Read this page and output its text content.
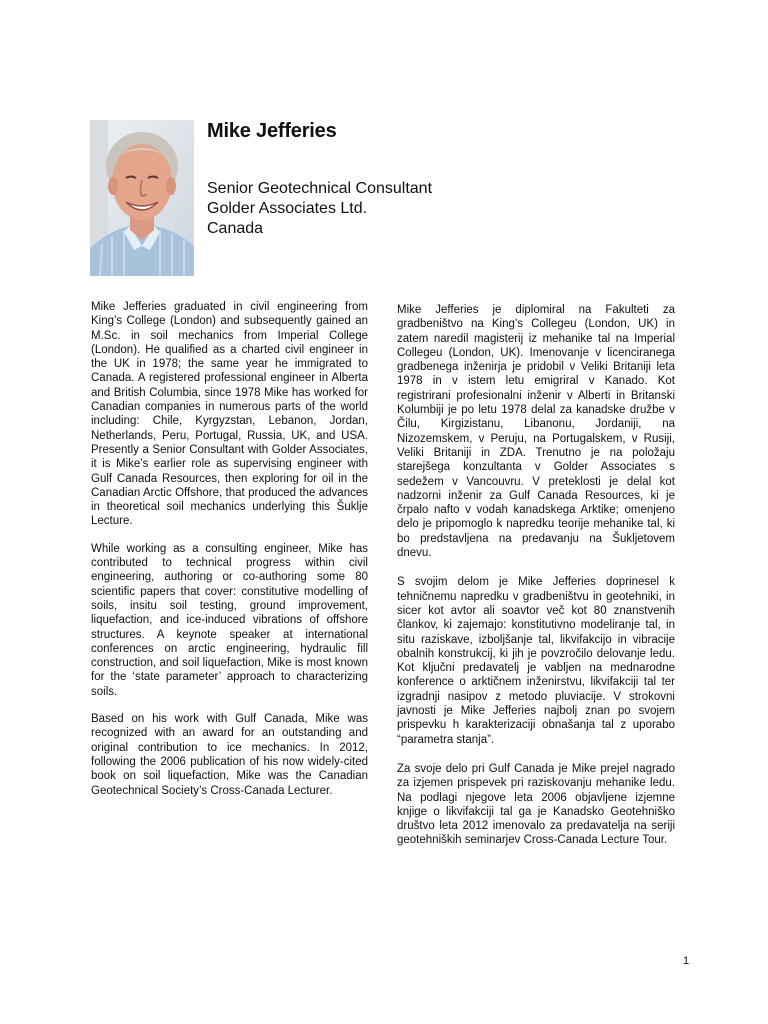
Mike Jefferies
Senior Geotechnical Consultant
Golder Associates Ltd.
Canada

Mike Jefferies graduated in civil engineering from King’s College (London) and subsequently gained an M.Sc. in soil mechanics from Imperial College (London). He qualified as a charted civil engineer in the UK in 1978; the same year he immigrated to Canada. A registered professional engineer in Alberta and British Columbia, since 1978 Mike has worked for Canadian companies in numerous parts of the world including: Chile, Kyrgyzstan, Lebanon, Jordan, Netherlands, Peru, Portugal, Russia, UK, and USA. Presently a Senior Consultant with Golder Associates, it is Mike’s earlier role as supervising engineer with Gulf Canada Resources, then exploring for oil in the Canadian Arctic Offshore, that produced the advances in theoretical soil mechanics underlying this Šuklje Lecture.

While working as a consulting engineer, Mike has contributed to technical progress within civil engineering, authoring or co-authoring some 80 scientific papers that cover: constitutive modelling of soils, insitu soil testing, ground improvement, liquefaction, and ice-induced vibrations of offshore structures. A keynote speaker at international conferences on arctic engineering, hydraulic fill construction, and soil liquefaction, Mike is most known for the ‘state parameter’ approach to characterizing soils.

Based on his work with Gulf Canada, Mike was recognized with an award for an outstanding and original contribution to ice mechanics. In 2012, following the 2006 publication of his now widely-cited book on soil liquefaction, Mike was the Canadian Geotechnical Society’s Cross-Canada Lecturer.

Mike Jefferies je diplomiral na Fakulteti za gradbeništvo na King’s Collegeu (London, UK) in zatem naredil magisterij iz mehanike tal na Imperial Collegeu (London, UK). Imenovanje v licenciranega gradbenega inženirja je pridobil v Veliki Britaniji leta 1978 in v istem letu emigriral v Kanado. Kot registrirani profesionalni inženir v Alberti in Britanski Kolumbiji je po letu 1978 delal za kanadske družbe v Čilu, Kirgizistanu, Libanonu, Jordaniji, na Nizozemskem, v Peruju, na Portugalskem, v Rusiji, Veliki Britaniji in ZDA. Trenutno je na položaju starejšega konzultanta v Golder Associates s sedežem v Vancouvru. V preteklosti je delal kot nadzorni inženir za Gulf Canada Resources, ki je črpalo nafto v vodah kanadskega Arktike; omenjeno delo je pripomoglo k napredku teorije mehanike tal, ki bo predstavljena na predavanju na Šukljetovem dnevu.

S svojim delom je Mike Jefferies doprinesel k tehničnemu napredku v gradbeništvu in geotehniki, in sicer kot avtor ali soavtor več kot 80 znanstvenih člankov, ki zajemajo: konstitutivno modeliranje tal, in situ raziskave, izboljšanje tal, likvifakcijo in vibracije obalnih konstrukcij, ki jih je povzročilo delovanje ledu. Kot ključni predavatelj je vabljen na mednarodne konference o arktičnem inženirstvu, likvifakciji tal ter izgradnji nasipov z metodo pluviacije. V strokovni javnosti je Mike Jefferies najbolj znan po svojem prispevku h karakterizaciji obnašanja tal z uporabo “parametra stanja”.

Za svoje delo pri Gulf Canada je Mike prejel nagrado za izjemen prispevek pri raziskovanju mehanike ledu. Na podlagi njegove leta 2006 objavljene izjemne knjige o likvifakciji tal ga je Kanadsko Geotehniško društvo leta 2012 imenovalo za predavatelja na seriji geotehniških seminarjev Cross-Canada Lecture Tour.

1
